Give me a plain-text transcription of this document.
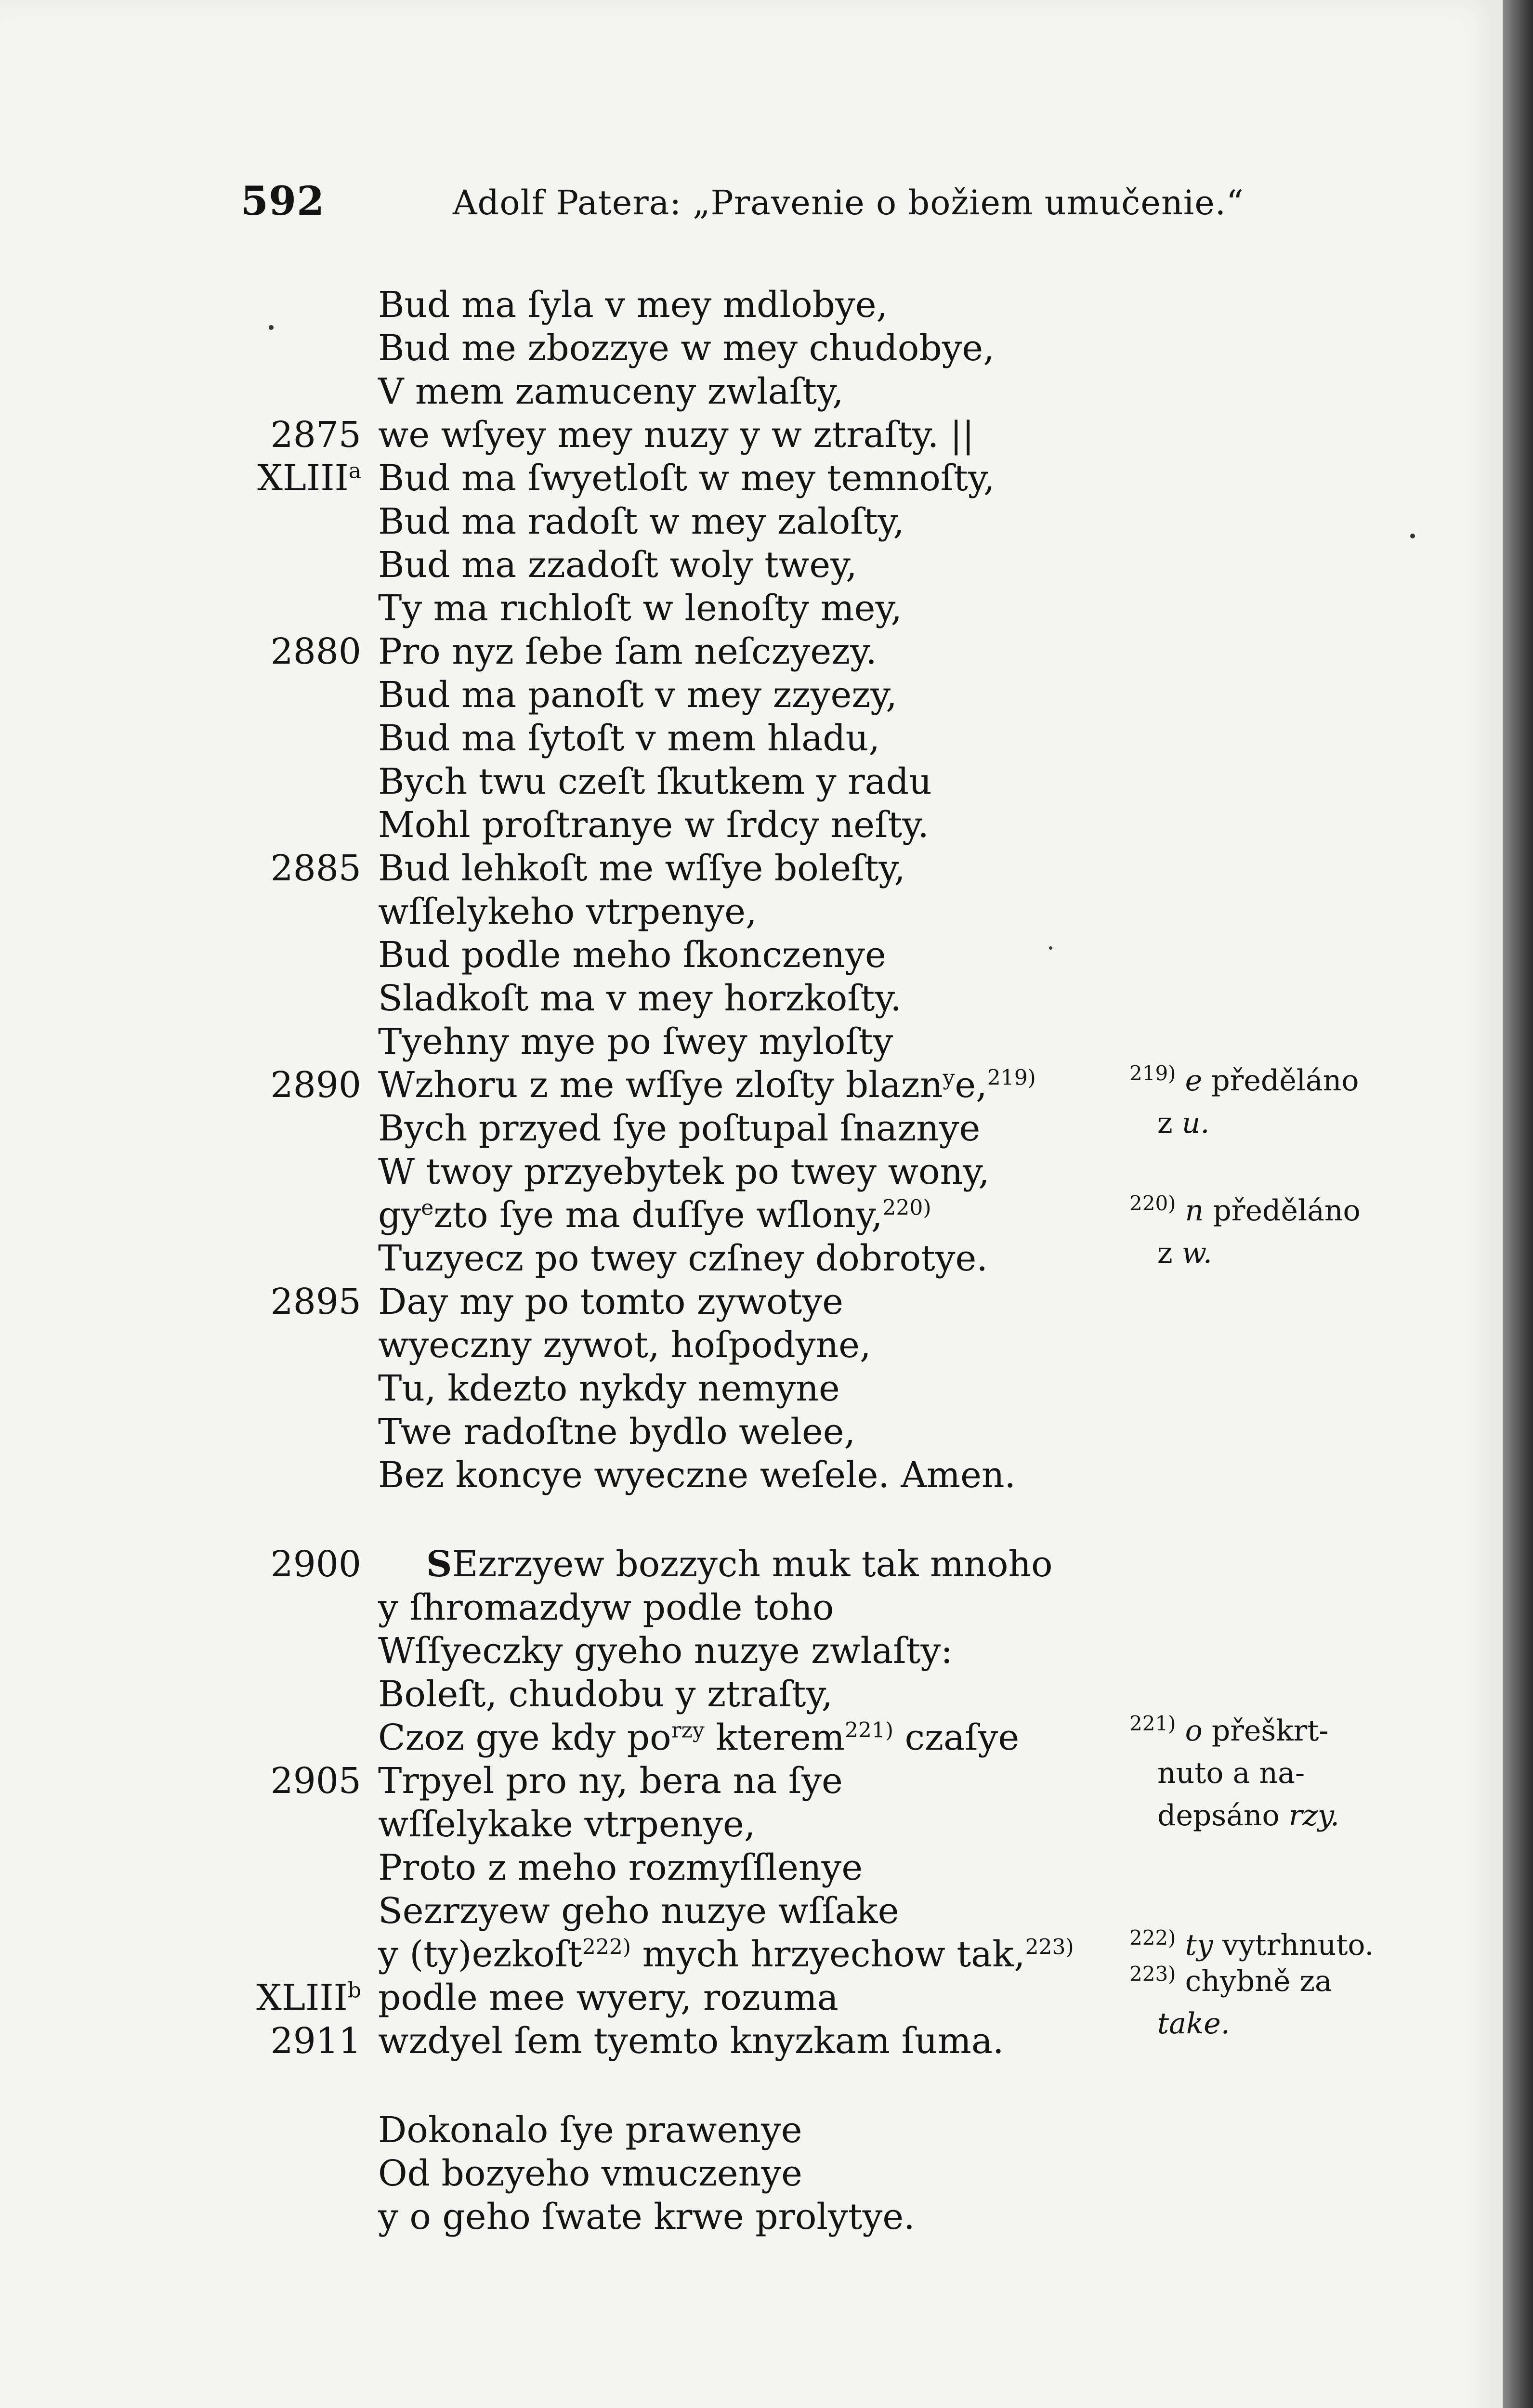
592	Adolf Patera: „Pravenie o božiem umučenie.“
Bud ma ſyla v mey mdlobye,
Bud me zbozzye w mey chudobye,
V mem zamuceny zwlaſty,
2875 we wſyey mey nuzy y w ztraſty. ||
XLIII$^a$ Bud ma ſwyetloſt w mey temnoſty,
Bud ma radoſt w mey zaloſty,
Bud ma zzadoſt woly twey,
Ty ma rıchloſt w lenoſty mey,
2880 Pro nyz ſebe ſam neſczyezy.
Bud ma panoſt v mey zzyezy,
Bud ma ſytoſt v mem hladu,
Bych twu czeſt ſkutkem y radu
Mohl proſtranye w ſrdcy neſty.
2885 Bud lehkoſt me wſſye boleſty,
wſſelykeho vtrpenye,
Bud podle meho ſkonczenye
Sladkoſt ma v mey horzkoſty.
Tyehny mye po ſwey myloſty
2890 Wzhoru z me wſſye zloſty blazn$^y$e,$^{219)}$
Bych przyed ſye poſtupal ſnaznye
W twoy przyebytek po twey wony,
gy$^e$zto ſye ma duſſye wſlony,$^{220)}$
Tuzyecz po twey czſney dobrotye.
2895 Day my po tomto zywotye
wyeczny zywot, hoſpodyne,
Tu, kdezto nykdy nemyne
Twe radoſtne bydlo welee,
Bez koncye wyeczne weſele. Amen.
2900 SEzrzyew bozzych muk tak mnoho
y ſhromazdyw podle toho
Wſſyeczky gyeho nuzye zwlaſty:
Boleſt, chudobu y ztraſty,
Czoz gye kdy po$^{rzy}$ kterem$^{221)}$ czaſye
2905 Trpyel pro ny, bera na ſye
wſſelykake vtrpenye,
Proto z meho rozmyſſlenye
Sezrzyew geho nuzye wſſake
y (ty)ezkoſt$^{222)}$ mych hrzyechow tak,$^{223)}$
XLIII$^b$ podle mee wyery, rozuma
2911 wzdyel ſem tyemto knyzkam ſuma.
Dokonalo ſye prawenye
Od bozyeho vmuczenye
y o geho ſwate krwe prolytye.
$^{219)}$ e předěláno
z u.
$^{220)}$ n předěláno
z w.
$^{221)}$ o přeškrt-
nuto a na-
depsáno rzy.
$^{222)}$ ty vytrhnuto.
$^{223)}$ chybně za
take.
